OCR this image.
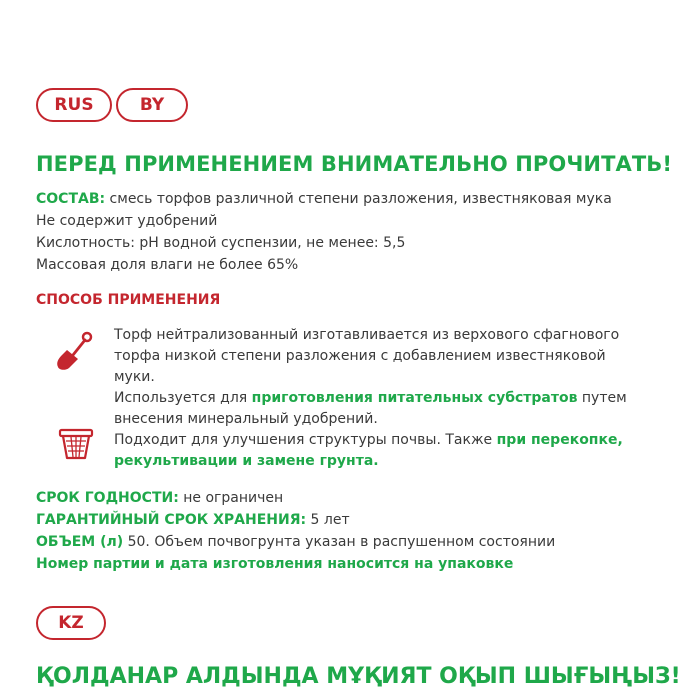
RUS	BY
ПЕРЕД ПРИМЕНЕНИЕМ ВНИМАТЕЛЬНО ПРОЧИТАТЬ!
СОСТАВ: смесь торфов различной степени разложения, известняковая мука
Не содержит удобрений
Кислотность: рН водной суспензии, не менее: 5,5
Массовая доля влаги не более 65%
СПОСОБ ПРИМЕНЕНИЯ
Торф нейтрализованный изготавливается из верхового сфагнового
торфа низкой степени разложения с добавлением известняковой
муки.
Используется для приготовления питательных субстратов путем
внесения минеральный удобрений.
Подходит для улучшения структуры почвы. Также при перекопке,
рекультивации и замене грунта.
СРОК ГОДНОСТИ: не ограничен
ГАРАНТИЙНЫЙ СРОК ХРАНЕНИЯ: 5 лет
ОБЪЕМ (л) 50. Объем почвогрунта указан в распушенном состоянии
Номер партии и дата изготовления наносится на упаковке
KZ
ҚОЛДАНАР АЛДЫНДА МҰҚИЯТ ОҚЫП ШЫҒЫҢЫЗ!
